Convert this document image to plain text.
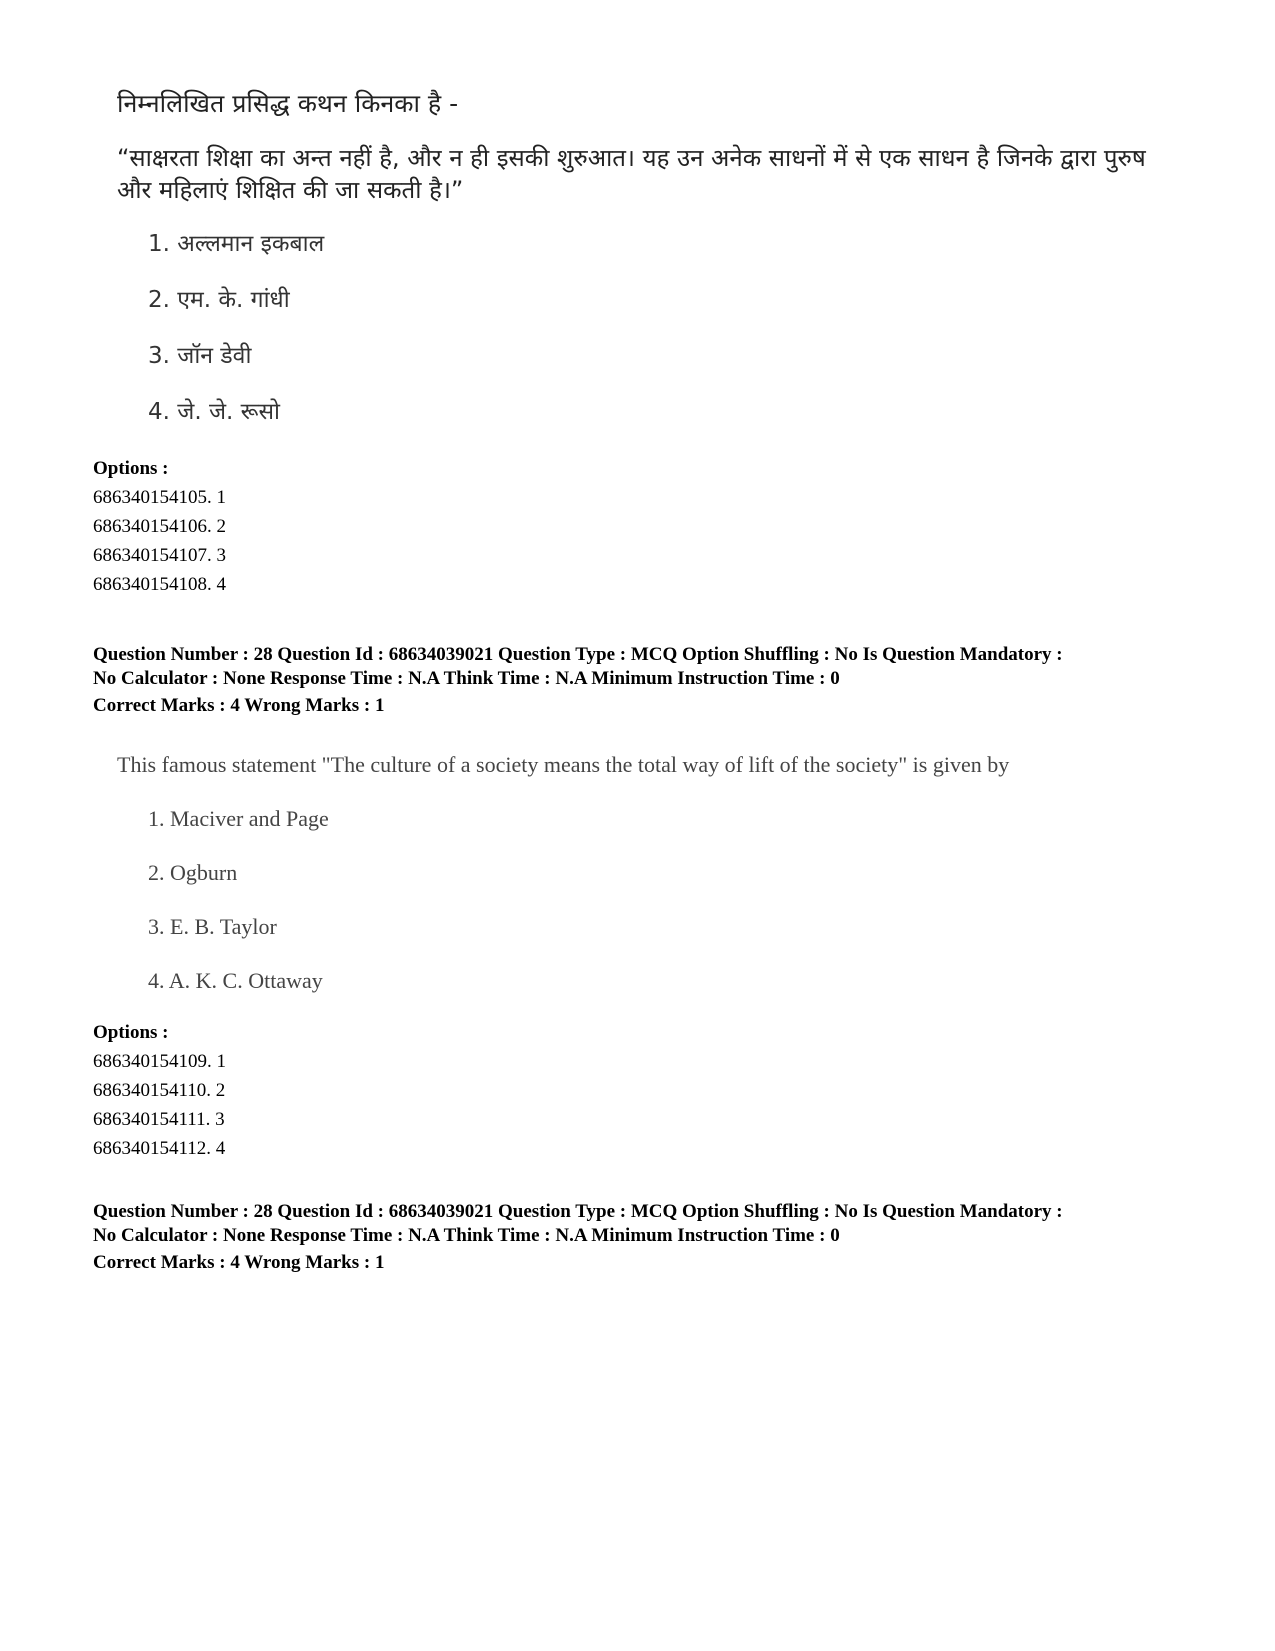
निम्नलिखित प्रसिद्ध कथन किनका है -

“साक्षरता शिक्षा का अन्त नहीं है, और न ही इसकी शुरुआत। यह उन अनेक साधनों में से एक साधन है जिनके द्वारा पुरुष और महिलाएं शिक्षित की जा सकती है।”

1. अल्लमान इकबाल

2. एम. के. गांधी

3. जॉन डेवी

4. जे. जे. रूसो

Options :

686340154105. 1

686340154106. 2

686340154107. 3

686340154108. 4

Question Number : 28 Question Id : 68634039021 Question Type : MCQ Option Shuffling : No Is Question Mandatory :
No Calculator : None Response Time : N.A Think Time : N.A Minimum Instruction Time : 0

Correct Marks : 4 Wrong Marks : 1

This famous statement "The culture of a society means the total way of lift of the society" is given by

1. Maciver and Page

2. Ogburn

3. E. B. Taylor

4. A. K. C. Ottaway

Options :

686340154109. 1

686340154110. 2

686340154111. 3

686340154112. 4

Question Number : 28 Question Id : 68634039021 Question Type : MCQ Option Shuffling : No Is Question Mandatory :
No Calculator : None Response Time : N.A Think Time : N.A Minimum Instruction Time : 0

Correct Marks : 4 Wrong Marks : 1
